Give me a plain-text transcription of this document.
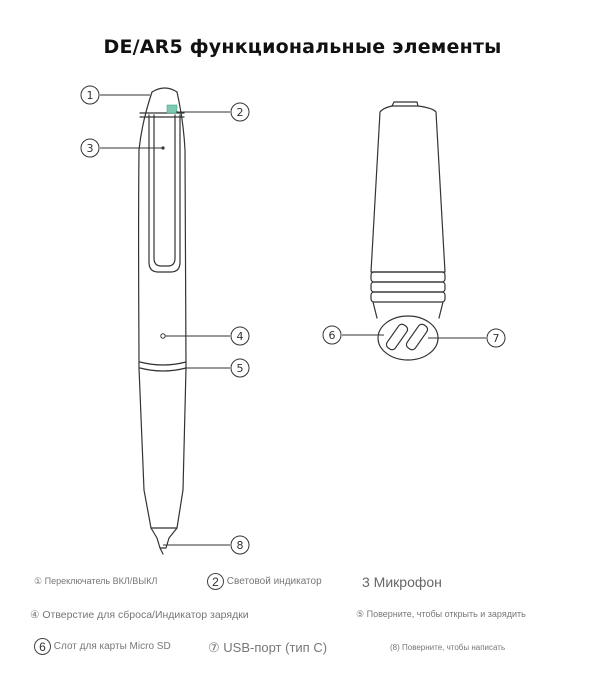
DE/AR5 функциональные элементы
1
2
3
4
5
6	7
8
① Переключатель ВКЛ/ВЫКЛ	2 Световой индикатор	3 Микрофон
④ Отверстие для сброса/Индикатор зарядки	⑤ Поверните, чтобы открыть и зарядить
6 Слот для карты Micro SD	⑦ USB-порт (тип C)	(8) Поверните, чтобы написать
